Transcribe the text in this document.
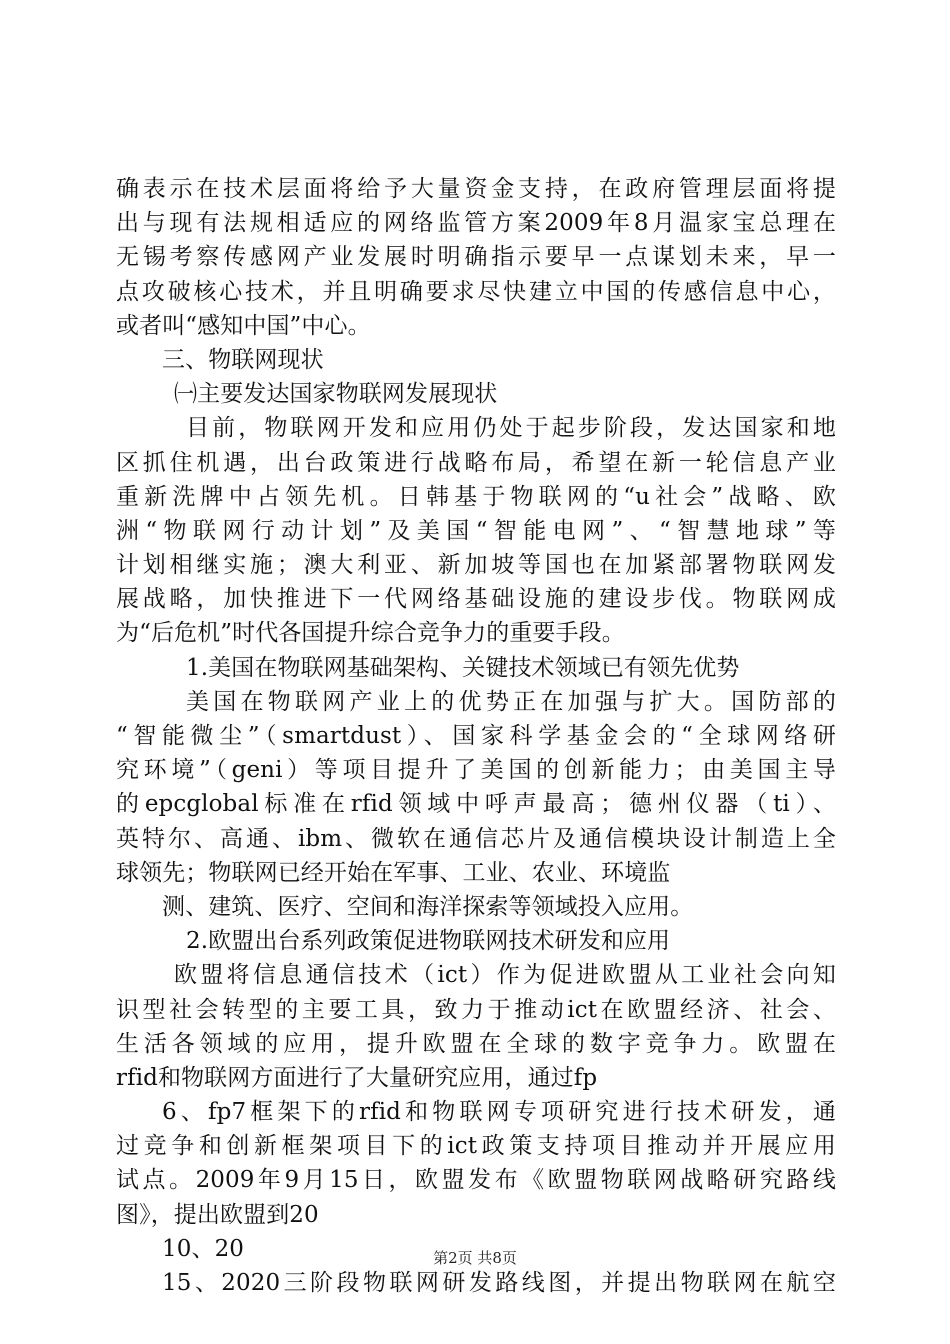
确表示在技术层面将给予大量资金支持，在政府管理层面将提
出与现有法规相适应的网络监管方案2009年8月温家宝总理在
无锡考察传感网产业发展时明确指示要早一点谋划未来，早一
点攻破核心技术，并且明确要求尽快建立中国的传感信息中心，
或者叫“感知中国”中心。
三、物联网现状
㈠主要发达国家物联网发展现状
目前，物联网开发和应用仍处于起步阶段，发达国家和地
区抓住机遇，出台政策进行战略布局，希望在新一轮信息产业
重新洗牌中占领先机。日韩基于物联网的“u社会”战略、欧
洲“物联网行动计划”及美国“智能电网”、“智慧地球”等
计划相继实施；澳大利亚、新加坡等国也在加紧部署物联网发
展战略，加快推进下一代网络基础设施的建设步伐。物联网成
为“后危机”时代各国提升综合竞争力的重要手段。
1.美国在物联网基础架构、关键技术领域已有领先优势
美国在物联网产业上的优势正在加强与扩大。国防部的
“智能微尘”（smartdust）、国家科学基金会的“全球网络研
究环境”（geni）等项目提升了美国的创新能力；由美国主导
的epcglobal标准在rfid领域中呼声最高；德州仪器（ti）、
英特尔、高通、ibm、微软在通信芯片及通信模块设计制造上全
球领先；物联网已经开始在军事、工业、农业、环境监
测、建筑、医疗、空间和海洋探索等领域投入应用。
2.欧盟出台系列政策促进物联网技术研发和应用
欧盟将信息通信技术（ict）作为促进欧盟从工业社会向知
识型社会转型的主要工具，致力于推动ict在欧盟经济、社会、
生活各领域的应用，提升欧盟在全球的数字竞争力。欧盟在
rfid和物联网方面进行了大量研究应用，通过fp
6、fp7框架下的rfid和物联网专项研究进行技术研发，通
过竞争和创新框架项目下的ict政策支持项目推动并开展应用
试点。2009年9月15日，欧盟发布《欧盟物联网战略研究路线
图》，提出欧盟到20
10、20
15、2020三阶段物联网研发路线图，并提出物联网在航空
第2页 共8页
